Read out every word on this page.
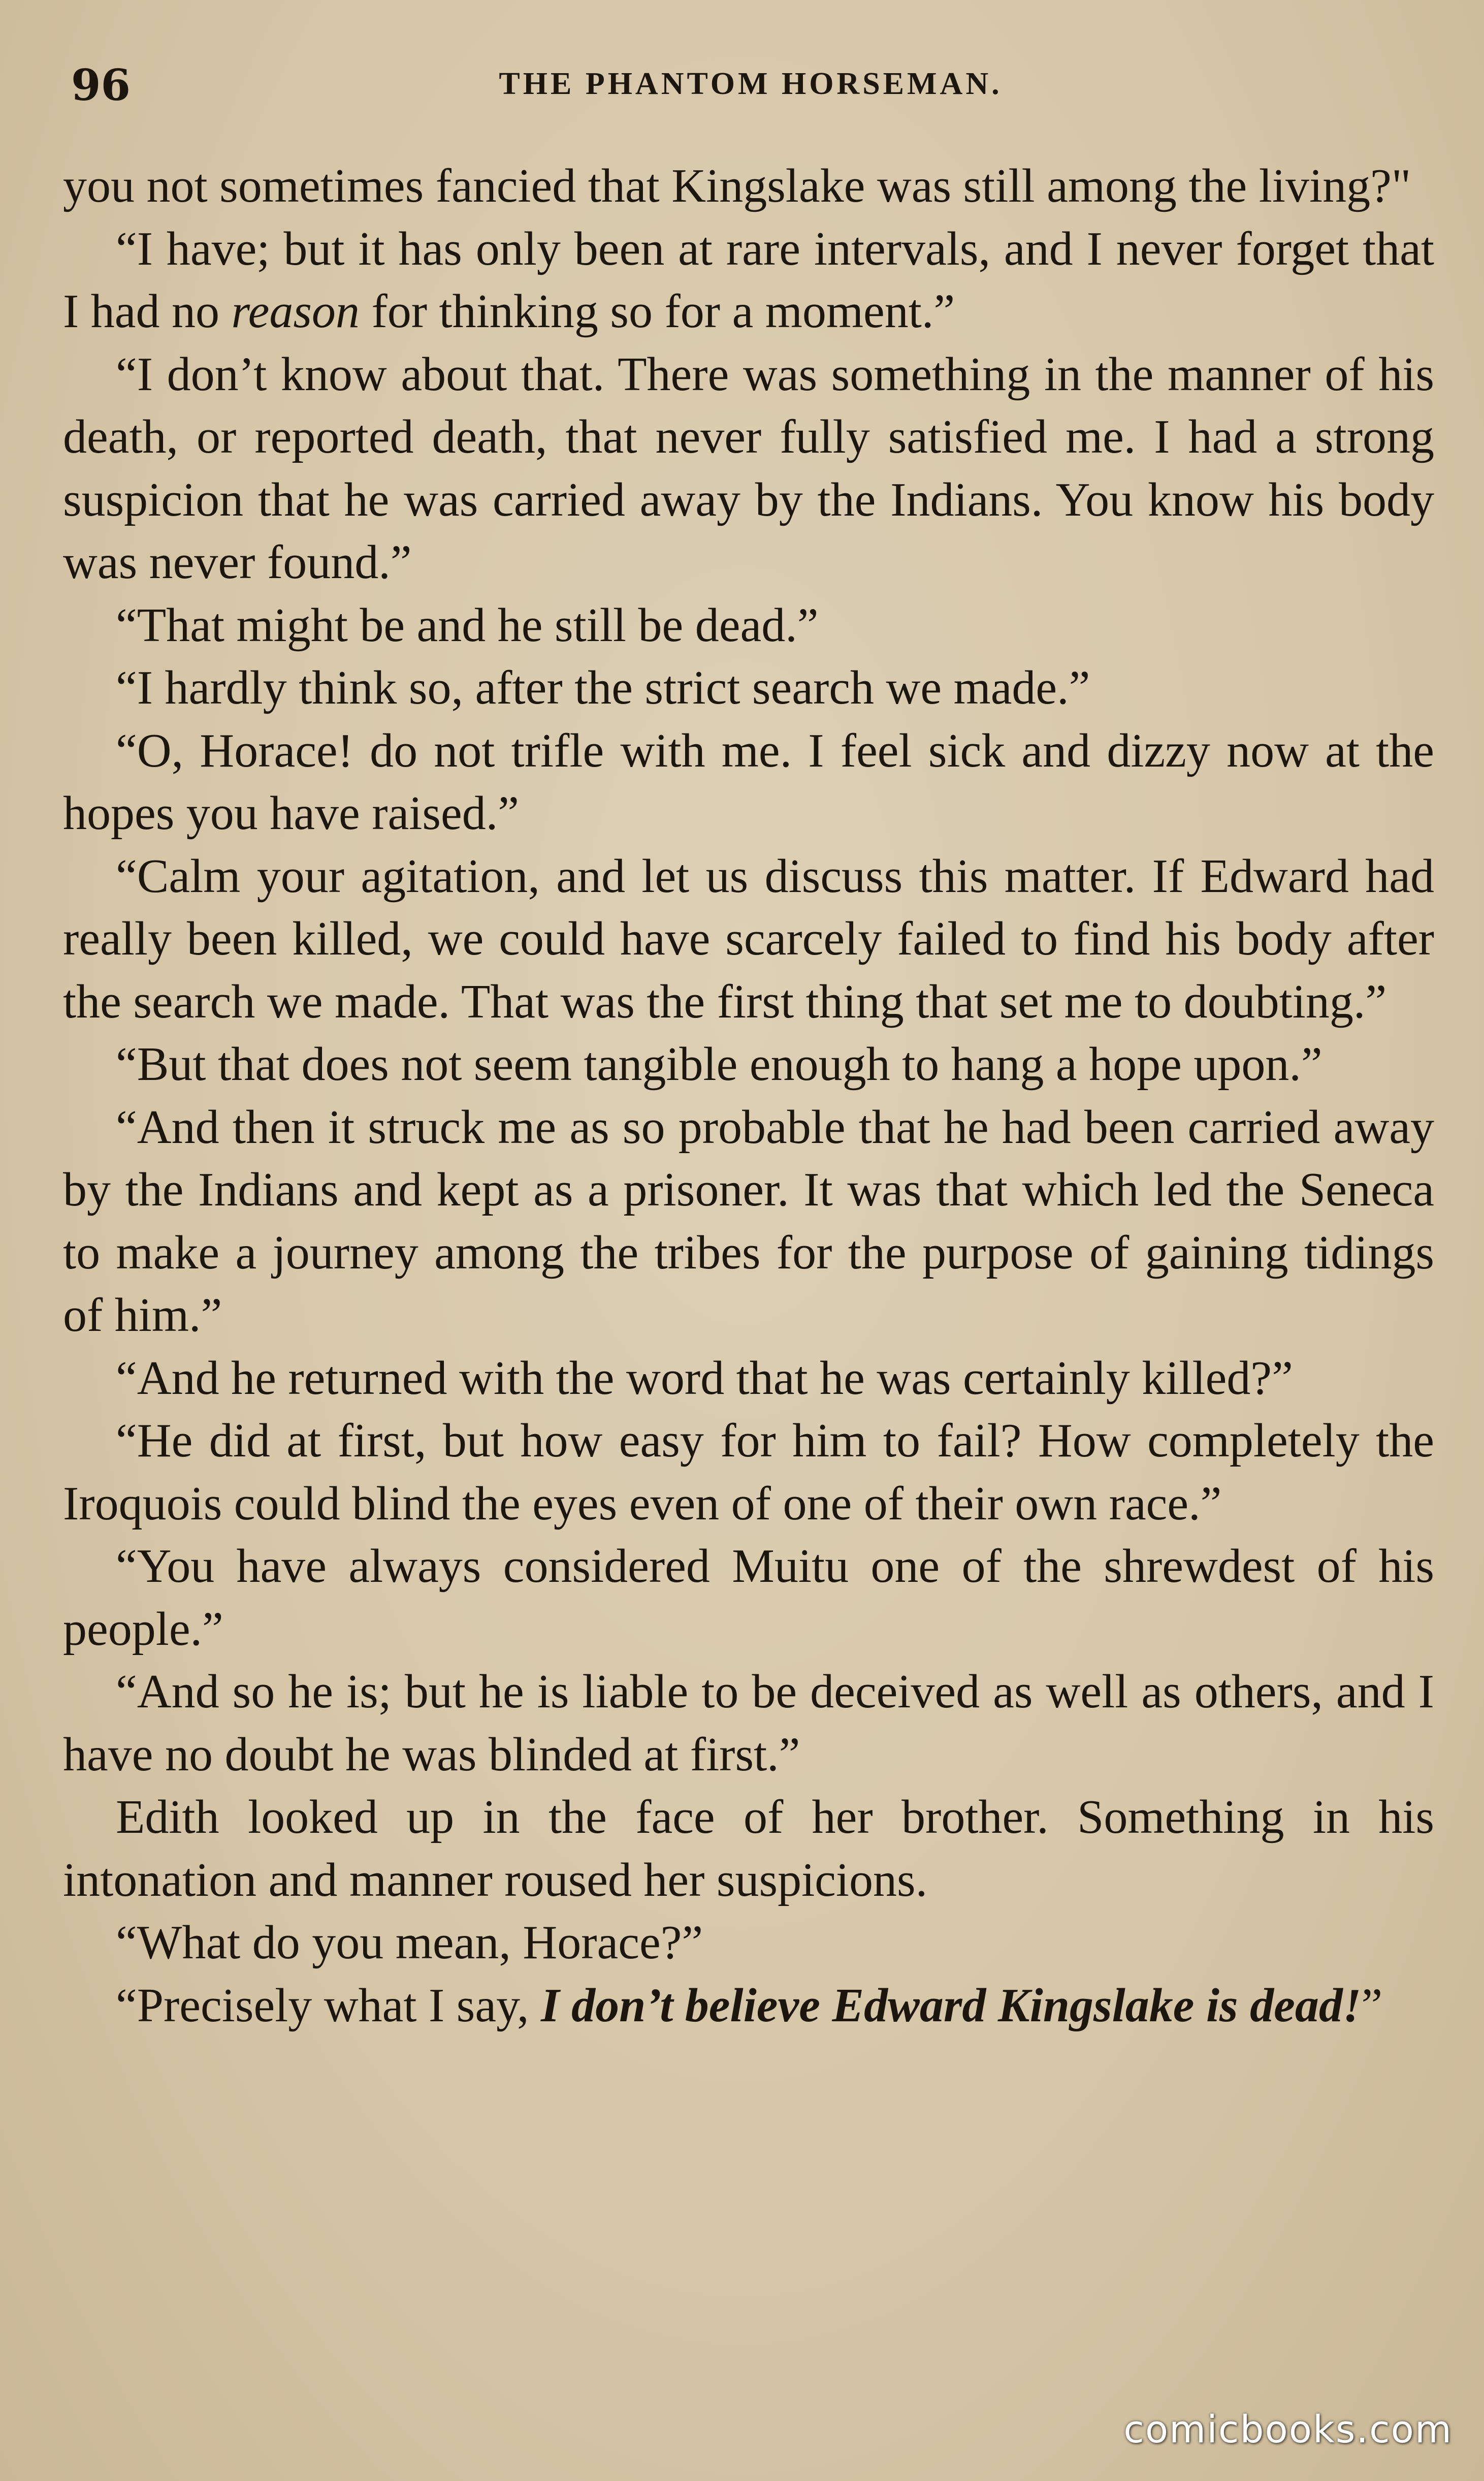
96	THE PHANTOM HORSEMAN.

you not sometimes fancied that Kingslake was still among the living?"

“I have; but it has only been at rare intervals, and I never forget that I had no reason for thinking so for a moment.”

“I don’t know about that. There was something in the manner of his death, or reported death, that never fully satisfied me. I had a strong suspicion that he was carried away by the Indians. You know his body was never found.”

“That might be and he still be dead.”

“I hardly think so, after the strict search we made.”

“O, Horace! do not trifle with me. I feel sick and dizzy now at the hopes you have raised.”

“Calm your agitation, and let us discuss this matter. If Edward had really been killed, we could have scarcely failed to find his body after the search we made. That was the first thing that set me to doubting.”

“But that does not seem tangible enough to hang a hope upon.”

“And then it struck me as so probable that he had been carried away by the Indians and kept as a prisoner. It was that which led the Seneca to make a journey among the tribes for the purpose of gaining tidings of him.”

“And he returned with the word that he was certainly killed?”

“He did at first, but how easy for him to fail? How completely the Iroquois could blind the eyes even of one of their own race.”

“You have always considered Muitu one of the shrewdest of his people.”

“And so he is; but he is liable to be deceived as well as others, and I have no doubt he was blinded at first.”

Edith looked up in the face of her brother. Something in his intonation and manner roused her suspicions.

“What do you mean, Horace?”

“Precisely what I say, I don’t believe Edward Kingslake is dead!”

comicbooks.com
